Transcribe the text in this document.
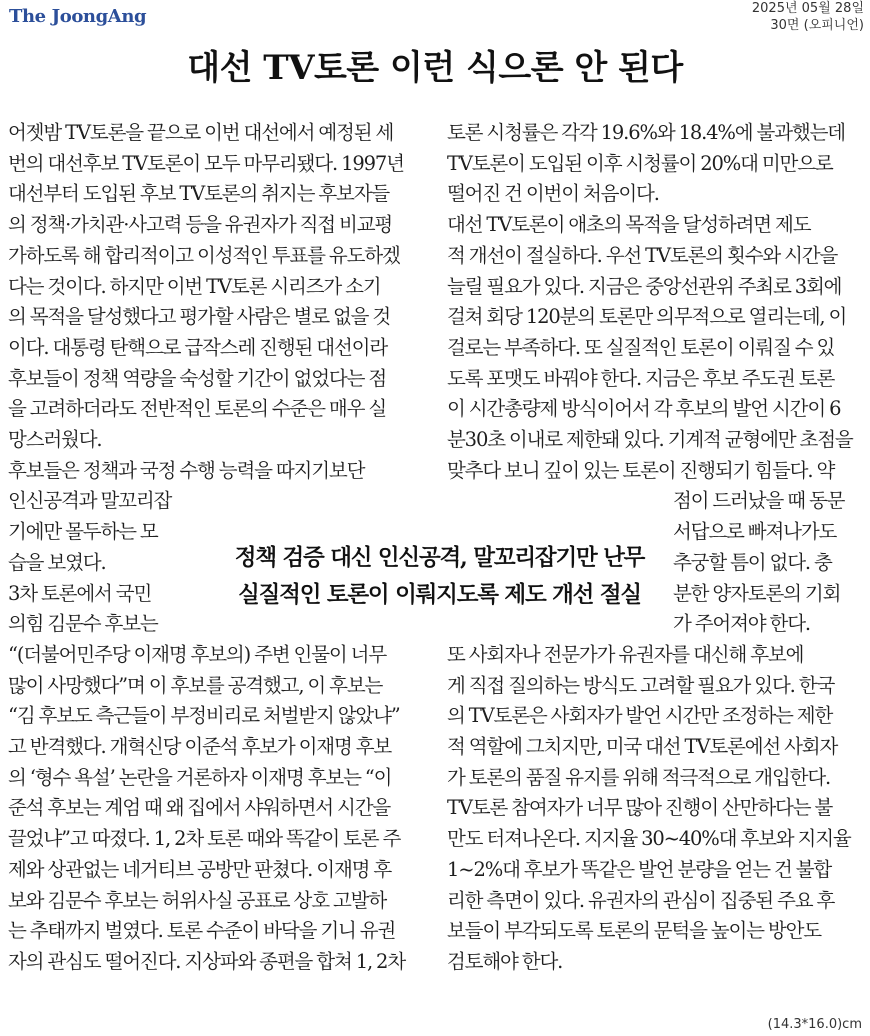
The JoongAng	2025년 05월 28일
30면 (오피니언)
대선 TV토론 이런 식으론 안 된다

어젯밤 TV토론을 끝으로 이번 대선에서 예정된 세
번의 대선후보 TV토론이 모두 마무리됐다. 1997년
대선부터 도입된 후보 TV토론의 취지는 후보자들
의 정책·가치관·사고력 등을 유권자가 직접 비교평
가하도록 해 합리적이고 이성적인 투표를 유도하겠
다는 것이다. 하지만 이번 TV토론 시리즈가 소기
의 목적을 달성했다고 평가할 사람은 별로 없을 것
이다. 대통령 탄핵으로 급작스레 진행된 대선이라
후보들이 정책 역량을 숙성할 기간이 없었다는 점
을 고려하더라도 전반적인 토론의 수준은 매우 실
망스러웠다.

후보들은 정책과 국정 수행 능력을 따지기보단

인신공격과 말꼬리잡
기에만 몰두하는 모
습을 보였다.
3차 토론에서 국민
의힘 김문수 후보는

“(더불어민주당 이재명 후보의) 주변 인물이 너무
많이 사망했다”며 이 후보를 공격했고, 이 후보는
“김 후보도 측근들이 부정비리로 처벌받지 않았냐”
고 반격했다. 개혁신당 이준석 후보가 이재명 후보
의 ‘형수 욕설’ 논란을 거론하자 이재명 후보는 “이
준석 후보는 계엄 때 왜 집에서 샤워하면서 시간을
끌었냐”고 따졌다. 1, 2차 토론 때와 똑같이 토론 주
제와 상관없는 네거티브 공방만 판쳤다. 이재명 후
보와 김문수 후보는 허위사실 공표로 상호 고발하
는 추태까지 벌였다. 토론 수준이 바닥을 기니 유권
자의 관심도 떨어진다. 지상파와 종편을 합쳐 1, 2차

토론 시청률은 각각 19.6%와 18.4%에 불과했는데
TV토론이 도입된 이후 시청률이 20%대 미만으로
떨어진 건 이번이 처음이다.

대선 TV토론이 애초의 목적을 달성하려면 제도
적 개선이 절실하다. 우선 TV토론의 횟수와 시간을
늘릴 필요가 있다. 지금은 중앙선관위 주최로 3회에
걸쳐 회당 120분의 토론만 의무적으로 열리는데, 이
걸로는 부족하다. 또 실질적인 토론이 이뤄질 수 있
도록 포맷도 바꿔야 한다. 지금은 후보 주도권 토론
이 시간총량제 방식이어서 각 후보의 발언 시간이 6
분30초 이내로 제한돼 있다. 기계적 균형에만 초점을
맞추다 보니 깊이 있는 토론이 진행되기 힘들다. 약

점이 드러났을 때 동문
서답으로 빠져나가도
추궁할 틈이 없다. 충
분한 양자토론의 기회
가 주어져야 한다.

또 사회자나 전문가가 유권자를 대신해 후보에
게 직접 질의하는 방식도 고려할 필요가 있다. 한국
의 TV토론은 사회자가 발언 시간만 조정하는 제한
적 역할에 그치지만, 미국 대선 TV토론에선 사회자
가 토론의 품질 유지를 위해 적극적으로 개입한다.
TV토론 참여자가 너무 많아 진행이 산만하다는 불
만도 터져나온다. 지지율 30~40%대 후보와 지지율
1~2%대 후보가 똑같은 발언 분량을 얻는 건 불합
리한 측면이 있다. 유권자의 관심이 집중된 주요 후
보들이 부각되도록 토론의 문턱을 높이는 방안도
검토해야 한다.

정책 검증 대신 인신공격, 말꼬리잡기만 난무
실질적인 토론이 이뤄지도록 제도 개선 절실
(14.3*16.0)cm
